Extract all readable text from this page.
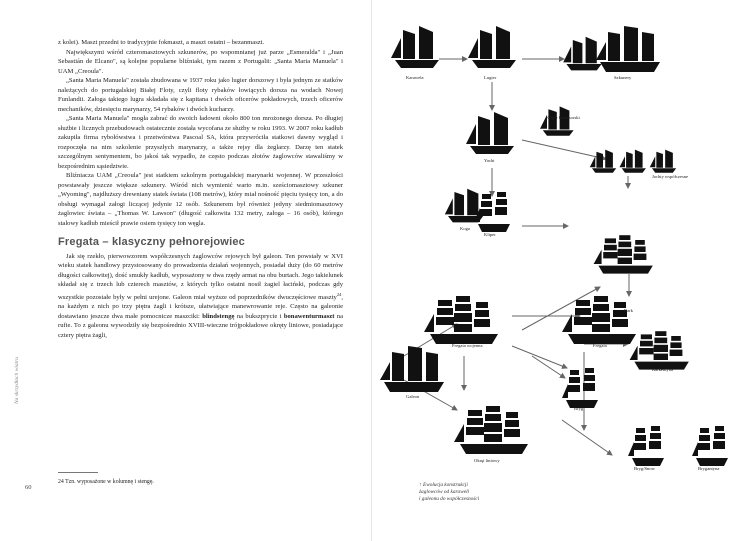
z kolei). Maszt przedni to tradycyjnie fokmaszt, a maszt ostatni – bezanmaszt.

Największymi wśród czteromasztowych szkunerów, po wspomnianej już parze „Esmeralda" i „Juan Sebastián de Elcano", są kolejne popularne bliźniaki, tym razem z Portugalii: „Santa Maria Manuela" i UAM „Creoula".

„Santa Maria Manuela" została zbudowana w 1937 roku jako lugier dorszowy i była jednym ze statków należących do portugalskiej Białej Floty, czyli floty rybaków łowiących dorsza na wodach Nowej Funlandii. Załoga takiego lugra składała się z kapitana i dwóch oficerów pokładowych, trzech oficerów mechaników, dziesięciu marynarzy, 54 rybaków i dwóch kucharzy.

„Santa Maria Manuela" mogła zabrać do swoich ładowni około 800 ton mrożonego dorsza. Po długiej służbie i licznych przebudowach ostatecznie została wycofana ze służby w roku 1993. W 2007 roku kadłub zakupiła firma rybołówstwa i przetwórstwa Pascoal SA, która przywróciła statkowi dawny wygląd i rozpoczęła na nim szkolenie przyszłych marynarzy, a także rejsy dla żeglarzy. Darzę ten statek szczególnym sentymentem, bo jakoś tak wypadło, że często podczas złotów żaglowców stawaliśmy w bezpośrednim sąsiedztwie.

Bliźniacza UAM „Creoula" jest statkiem szkolnym portugalskiej marynarki wojennej. W przeszłości powstawały jeszcze większe szkunery. Wśród nich wymienić warto m.in. sześciomasztowy szkuner „Wyoming", najdłuższy drewniany statek świata (108 metrów), który miał nośność pięciu tysięcy ton, a do obsługi wymagał załogi liczącej jedynie 12 osób. Szkunerem był również jedyny siedmiomasztowy żaglowiec świata – „Thomas W. Lawson" (długość całkowita 132 metry, załoga – 16 osób), którego stalowy kadłub mieścił prawie osiem tysięcy ton węgla.

Fregata – klasyczny pełnorejowiec

Jak się rzekło, pierwowzorem współczesnych żaglowców rejowych był galeon. Ten powstały w XVI wieku statek handlowy przystosowany do prowadzenia działań wojennych, posiadał duży (do 60 metrów długości całkowitej), dość smukły kadłub, wyposażony w dwa rzędy armat na obu burtach. Jego takielunek składał się z trzech lub czterech masztów, z których tylko ostatni nosił żagiel łaciński, podczas gdy wszystkie pozostałe były w pełni urejone. Galeon miał wyższe od poprzedników dwuczęściowe maszty$^{24}$, na każdym z nich po trzy piętra żagli i krótsze, ułatwiające manewrowanie reje. Często na galeonie dostawiano jeszcze dwa małe pomocnicze maszciki: blindstengę na bukszprycie i bonawenturmaszt na rufie. To z galeonu wywodziły się bezpośrednio XVIII-wieczne trójpokładowe okręty liniowe, posiadające cztery piętra żagli,

Na skrzydłach wiatru
60
24 Tzn. wyposażone w kolumnę i stengę.
Karawela	Lugier	Szkunery
Kliper baltimorski
Yacht
Jachty współczesne
Koga
Kliper
Bark
Fregata wojenna	Fregata
Barkentyna
Galeon
Bryg
Okręt liniowy
Bryg/Snow	Brygantyna
↑ Ewolucja konstrukcji
żaglowców od karaweli
i galeonu do współczesności
